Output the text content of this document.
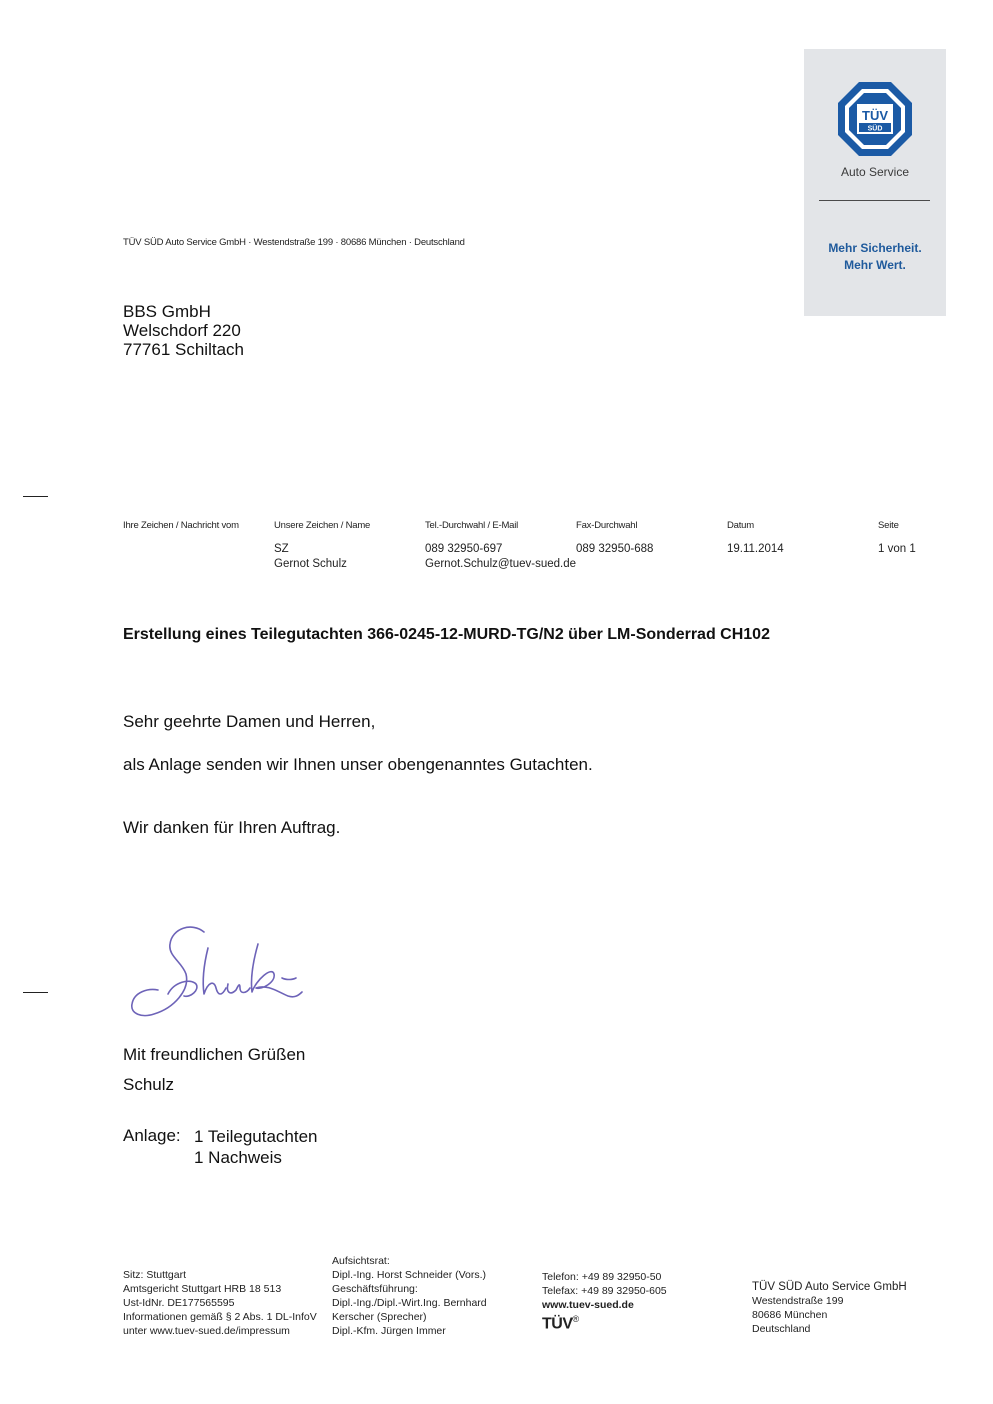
TÜV
SÜD
Auto Service
Mehr Sicherheit.
Mehr Wert.
TÜV SÜD Auto Service GmbH · Westendstraße 199 · 80686 München · Deutschland
BBS GmbH
Welschdorf 220
77761 Schiltach
Ihre Zeichen / Nachricht vom	Unsere Zeichen / Name
SZ
Gernot Schulz
Tel.-Durchwahl / E-Mail
089 32950-697
Gernot.Schulz@tuev-sued.de
Fax-Durchwahl
089 32950-688
Datum
19.11.2014
Seite
1 von 1
Erstellung eines Teilegutachten 366-0245-12-MURD-TG/N2 über LM-Sonderrad CH102
Sehr geehrte Damen und Herren,
als Anlage senden wir Ihnen unser obengenanntes Gutachten.
Wir danken für Ihren Auftrag.
Mit freundlichen Grüßen
Schulz
Anlage: 1 Teilegutachten
1 Nachweis
Sitz: Stuttgart
Amtsgericht Stuttgart HRB 18 513
Ust-IdNr. DE177565595
Informationen gemäß § 2 Abs. 1 DL-InfoV
unter www.tuev-sued.de/impressum
Aufsichtsrat:
Dipl.-Ing. Horst Schneider (Vors.)
Geschäftsführung:
Dipl.-Ing./Dipl.-Wirt.Ing. Bernhard
Kerscher (Sprecher)
Dipl.-Kfm. Jürgen Immer
Telefon: +49 89 32950-50
Telefax: +49 89 32950-605
www.tuev-sued.de
TÜV®
TÜV SÜD Auto Service GmbH
Westendstraße 199
80686 München
Deutschland
